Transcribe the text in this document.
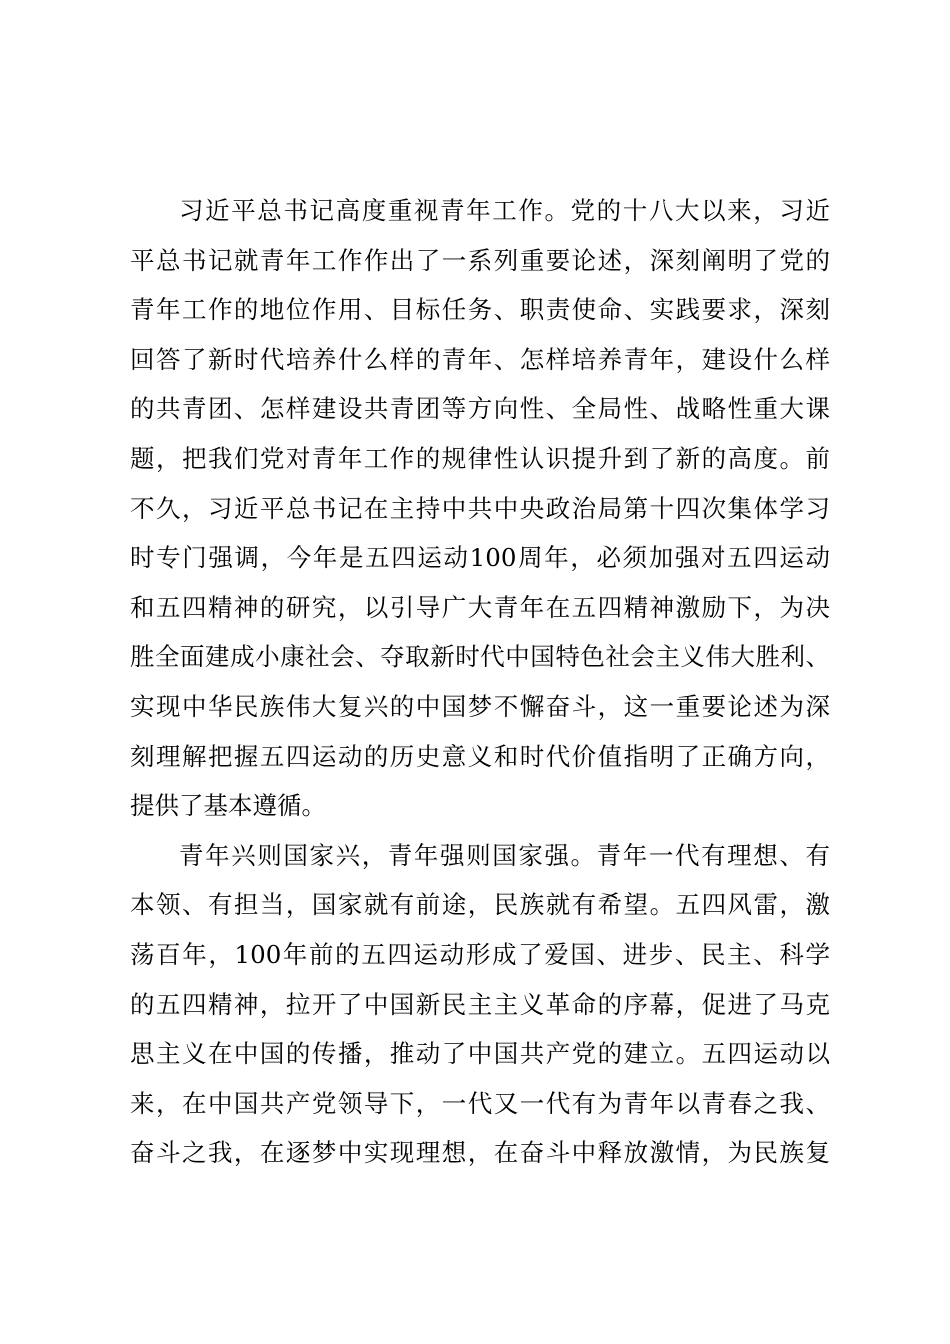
习近平总书记高度重视青年工作。党的十八大以来，习近
平总书记就青年工作作出了一系列重要论述，深刻阐明了党的
青年工作的地位作用、目标任务、职责使命、实践要求，深刻
回答了新时代培养什么样的青年、怎样培养青年，建设什么样
的共青团、怎样建设共青团等方向性、全局性、战略性重大课
题，把我们党对青年工作的规律性认识提升到了新的高度。前
不久，习近平总书记在主持中共中央政治局第十四次集体学习
时专门强调，今年是五四运动100周年，必须加强对五四运动
和五四精神的研究，以引导广大青年在五四精神激励下，为决
胜全面建成小康社会、夺取新时代中国特色社会主义伟大胜利、
实现中华民族伟大复兴的中国梦不懈奋斗，这一重要论述为深
刻理解把握五四运动的历史意义和时代价值指明了正确方向，
提供了基本遵循。
青年兴则国家兴，青年强则国家强。青年一代有理想、有
本领、有担当，国家就有前途，民族就有希望。五四风雷，激
荡百年，100年前的五四运动形成了爱国、进步、民主、科学
的五四精神，拉开了中国新民主主义革命的序幕，促进了马克
思主义在中国的传播，推动了中国共产党的建立。五四运动以
来，在中国共产党领导下，一代又一代有为青年以青春之我、
奋斗之我，在逐梦中实现理想，在奋斗中释放激情，为民族复
